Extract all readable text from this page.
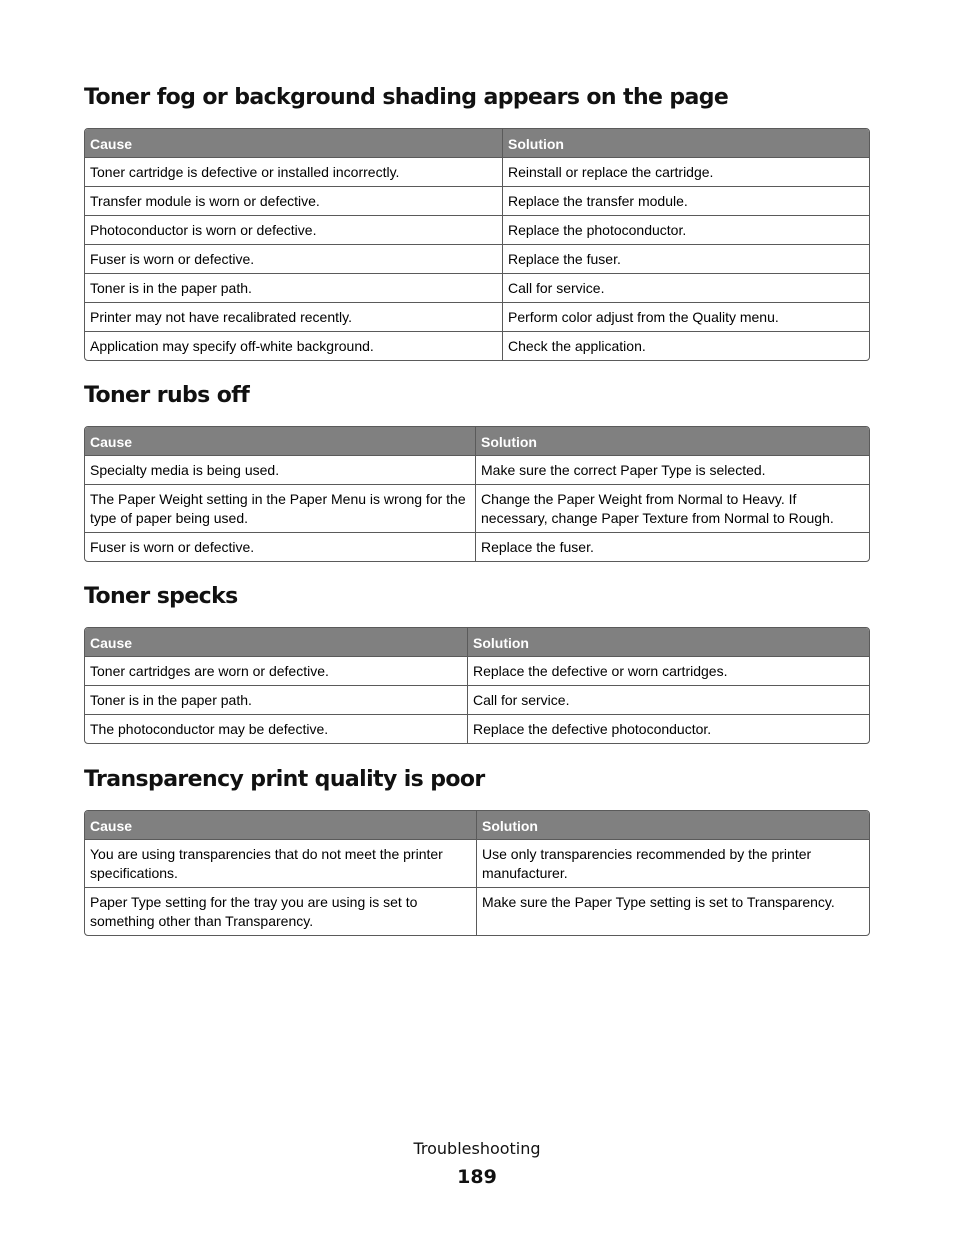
Toner fog or background shading appears on the page
Cause	Solution
Toner cartridge is defective or installed incorrectly.	Reinstall or replace the cartridge.
Transfer module is worn or defective.	Replace the transfer module.
Photoconductor is worn or defective.	Replace the photoconductor.
Fuser is worn or defective.	Replace the fuser.
Toner is in the paper path.	Call for service.
Printer may not have recalibrated recently.	Perform color adjust from the Quality menu.
Application may specify off-white background.	Check the application.
Toner rubs off
Cause	Solution
Specialty media is being used.	Make sure the correct Paper Type is selected.
The Paper Weight setting in the Paper Menu is wrong for the type of paper being used.	Change the Paper Weight from Normal to Heavy. If necessary, change Paper Texture from Normal to Rough.
Fuser is worn or defective.	Replace the fuser.
Toner specks
Cause	Solution
Toner cartridges are worn or defective.	Replace the defective or worn cartridges.
Toner is in the paper path.	Call for service.
The photoconductor may be defective.	Replace the defective photoconductor.
Transparency print quality is poor
Cause	Solution
You are using transparencies that do not meet the printer specifications.	Use only transparencies recommended by the printer manufacturer.
Paper Type setting for the tray you are using is set to something other than Transparency.	Make sure the Paper Type setting is set to Transparency.
Troubleshooting
189
